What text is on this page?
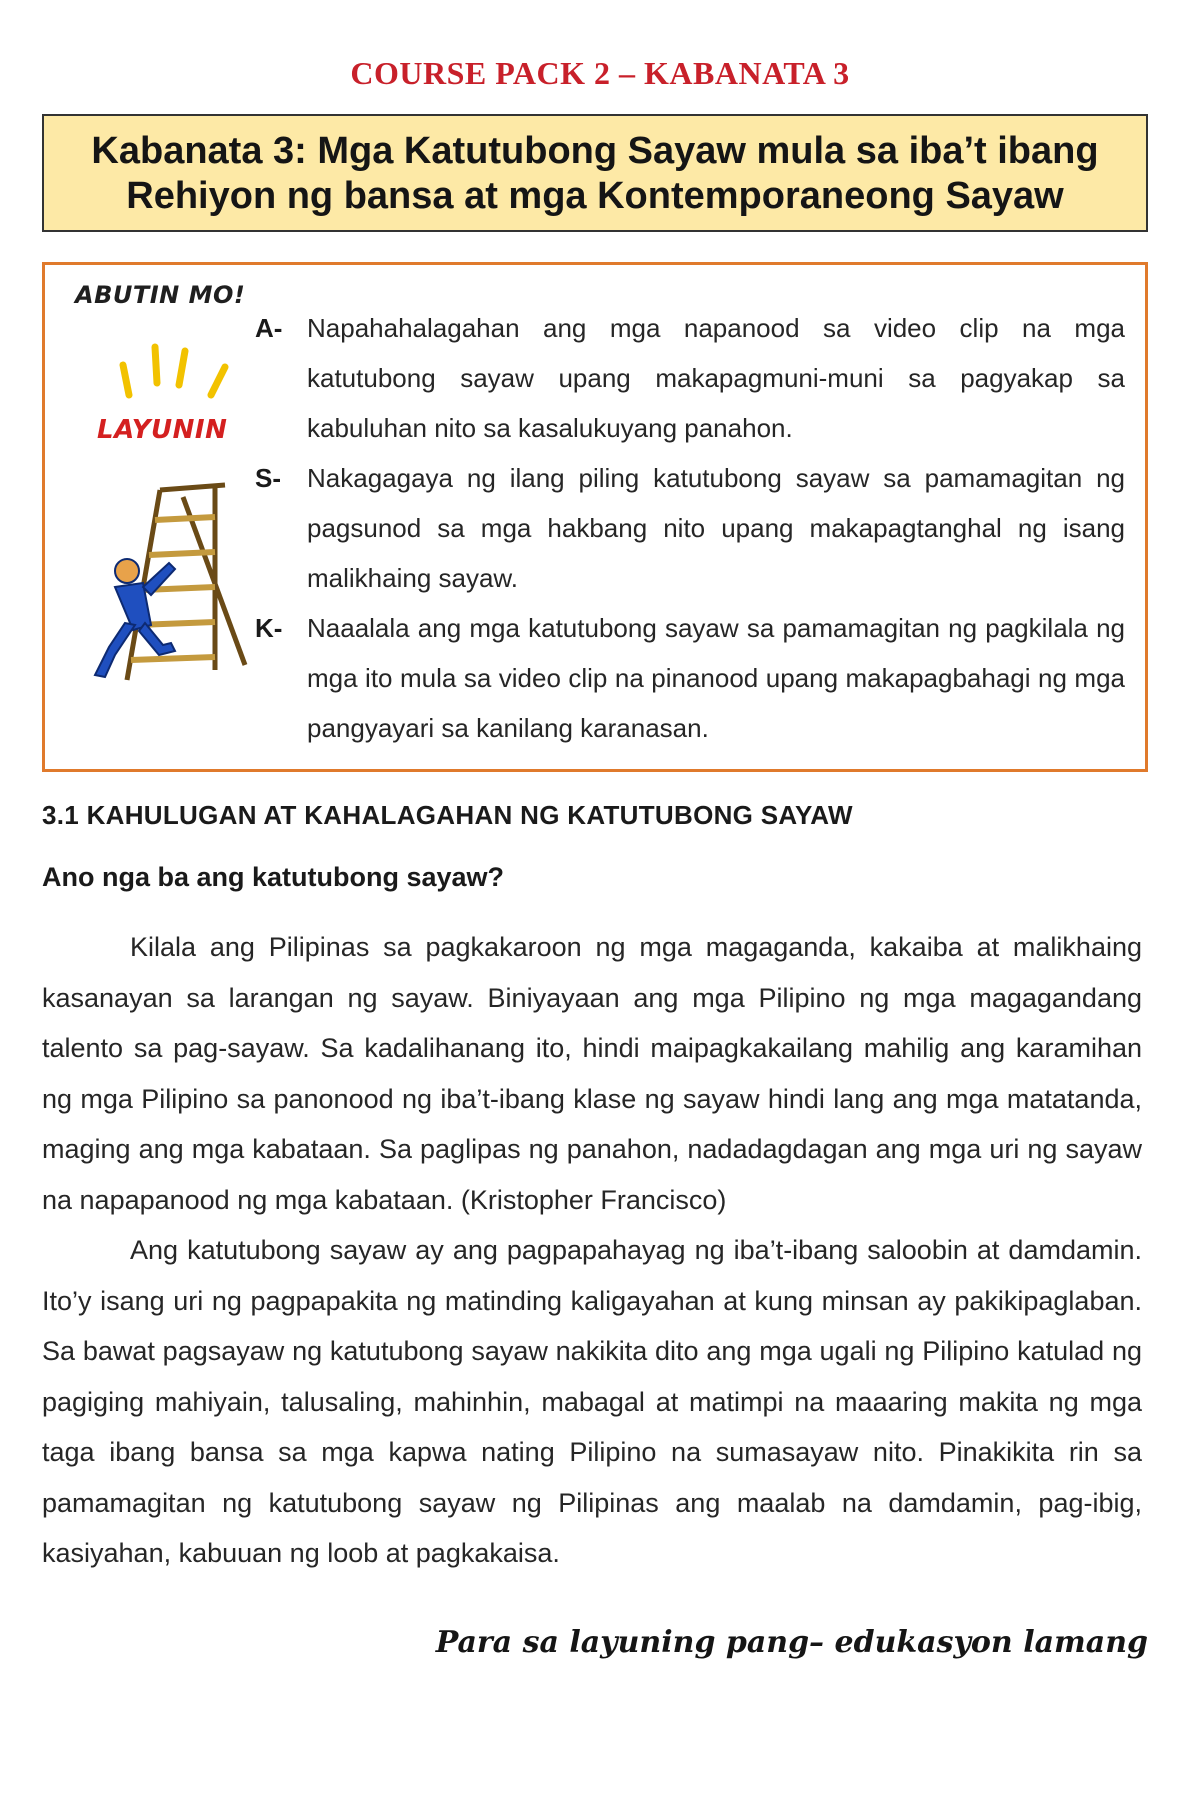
COURSE PACK 2 – KABANATA 3
Kabanata 3: Mga Katutubong Sayaw mula sa iba’t ibang
Rehiyon ng bansa at mga Kontemporaneong Sayaw
ABUTIN MO!
LAYUNIN
A- Napahahalagahan ang mga napanood sa video clip na mga katutubong sayaw upang makapagmuni-muni sa pagyakap sa kabuluhan nito sa kasalukuyang panahon.
S- Nakagagaya ng ilang piling katutubong sayaw sa pamamagitan ng pagsunod sa mga hakbang nito upang makapagtanghal ng isang malikhaing sayaw.
K- Naaalala ang mga katutubong sayaw sa pamamagitan ng pagkilala ng mga ito mula sa video clip na pinanood upang makapagbahagi ng mga pangyayari sa kanilang karanasan.
3.1 KAHULUGAN AT KAHALAGAHAN NG KATUTUBONG SAYAW
Ano nga ba ang katutubong sayaw?
Kilala ang Pilipinas sa pagkakaroon ng mga magaganda, kakaiba at malikhaing kasanayan sa larangan ng sayaw. Biniyayaan ang mga Pilipino ng mga magagandang talento sa pag-sayaw. Sa kadalihanang ito, hindi maipagkakailang mahilig ang karamihan ng mga Pilipino sa panonood ng iba’t-ibang klase ng sayaw hindi lang ang mga matatanda, maging ang mga kabataan. Sa paglipas ng panahon, nadadagdagan ang mga uri ng sayaw na napapanood ng mga kabataan. (Kristopher Francisco)
Ang katutubong sayaw ay ang pagpapahayag ng iba’t-ibang saloobin at damdamin. Ito’y isang uri ng pagpapakita ng matinding kaligayahan at kung minsan ay pakikipaglaban. Sa bawat pagsayaw ng katutubong sayaw nakikita dito ang mga ugali ng Pilipino katulad ng pagiging mahiyain, talusaling, mahinhin, mabagal at matimpi na maaaring makita ng mga taga ibang bansa sa mga kapwa nating Pilipino na sumasayaw nito. Pinakikita rin sa pamamagitan ng katutubong sayaw ng Pilipinas ang maalab na damdamin, pag-ibig, kasiyahan, kabuuan ng loob at pagkakaisa.
Para sa layuning pang– edukasyon lamang
